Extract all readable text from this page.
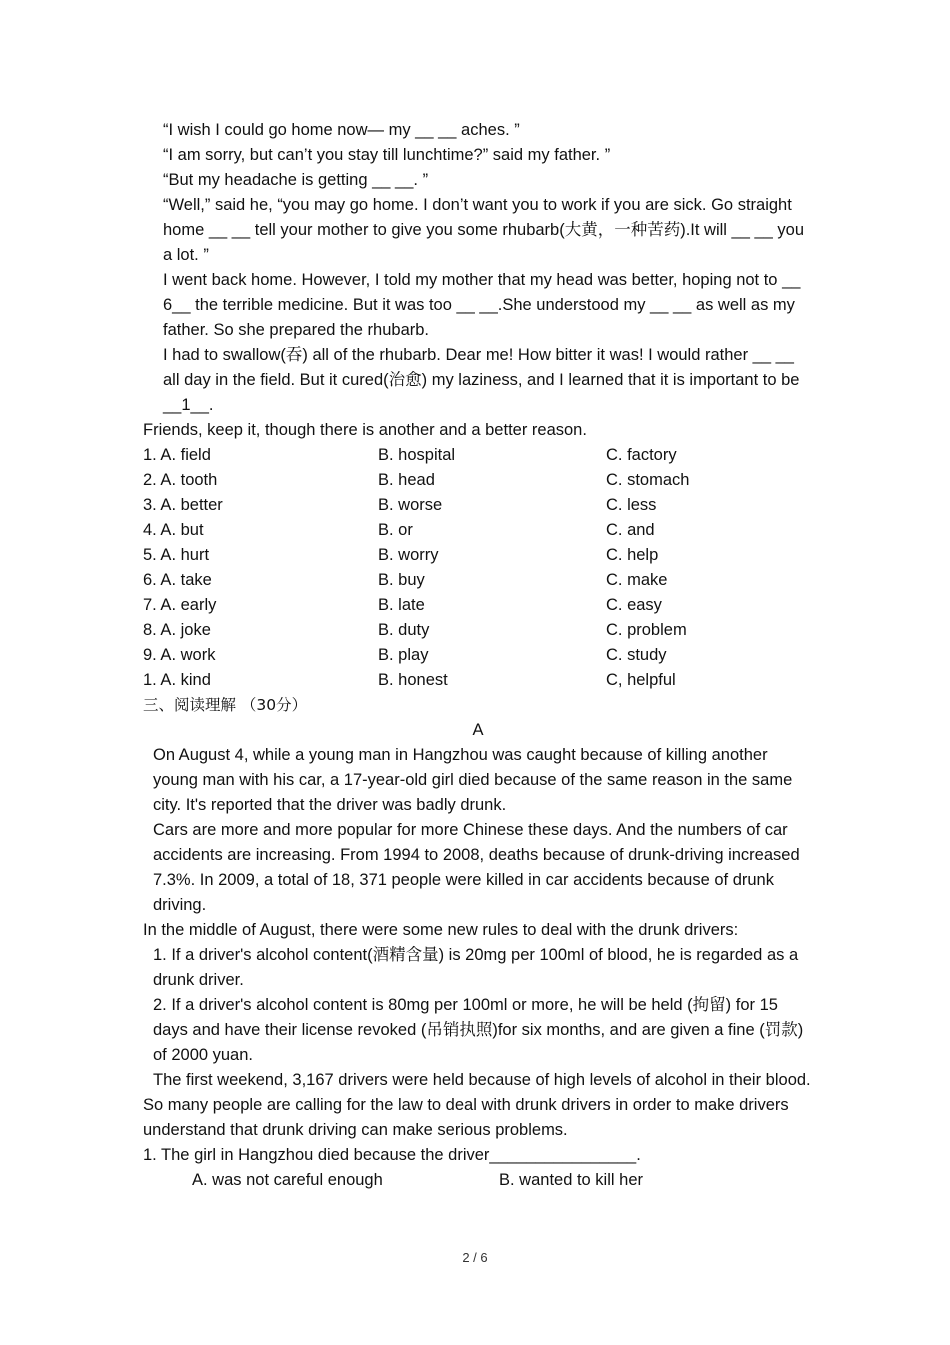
“I wish I could go home now— my __ __ aches. ”

“I am sorry, but can’t you stay till lunchtime?” said my father. ”

“But my headache is getting __ __. ”

“Well,” said he, “you may go home. I don’t want you to work if you are sick. Go straight home __ __ tell your mother to give you some rhubarb(大黄，一种苦药).It will __ __ you a lot. ”

I went back home. However, I told my mother that my head was better, hoping not to __ 6__ the terrible medicine. But it was too __ __.She understood my __ __ as well as my father. So she prepared the rhubarb.

I had to swallow(吞) all of the rhubarb. Dear me! How bitter it was! I would rather __ __ all day in the field. But it cured(治愈) my laziness, and I learned that it is important to be __1__.

Friends, keep it, though there is another and a better reason.

1. A. field	B. hospital	C. factory
2. A. tooth	B. head	C. stomach
3. A. better	B. worse	C. less
4. A. but	B. or	C. and
5. A. hurt	B. worry	C. help
6. A. take	B. buy	C. make
7. A. early	B. late	C. easy
8. A. joke	B. duty	C. problem
9. A. work	B. play	C. study
1. A. kind	B. honest	C, helpful

三、阅读理解 （30分）

A

On August 4, while a young man in Hangzhou was caught because of killing another young man with his car, a 17-year-old girl died because of the same reason in the same city. It's reported that the driver was badly drunk.

Cars are more and more popular for more Chinese these days. And the numbers of car accidents are increasing. From 1994 to 2008, deaths because of drunk-driving increased 7.3%. In 2009, a total of 18, 371 people were killed in car accidents because of drunk driving.

In the middle of August, there were some new rules to deal with the drunk drivers:

1. If a driver's alcohol content(酒精含量) is 20mg per 100ml of blood, he is regarded as a drunk driver.

2. If a driver's alcohol content is 80mg per 100ml or more, he will be held (拘留) for 15 days and have their license revoked (吊销执照)for six months, and are given a fine (罚款) of 2000 yuan.

The first weekend, 3,167 drivers were held because of high levels of alcohol in their blood.

So many people are calling for the law to deal with drunk drivers in order to make drivers understand that drunk driving can make serious problems.

1. The girl in Hangzhou died because the driver________________.

A. was not careful enough	B. wanted to kill her
2 / 6
